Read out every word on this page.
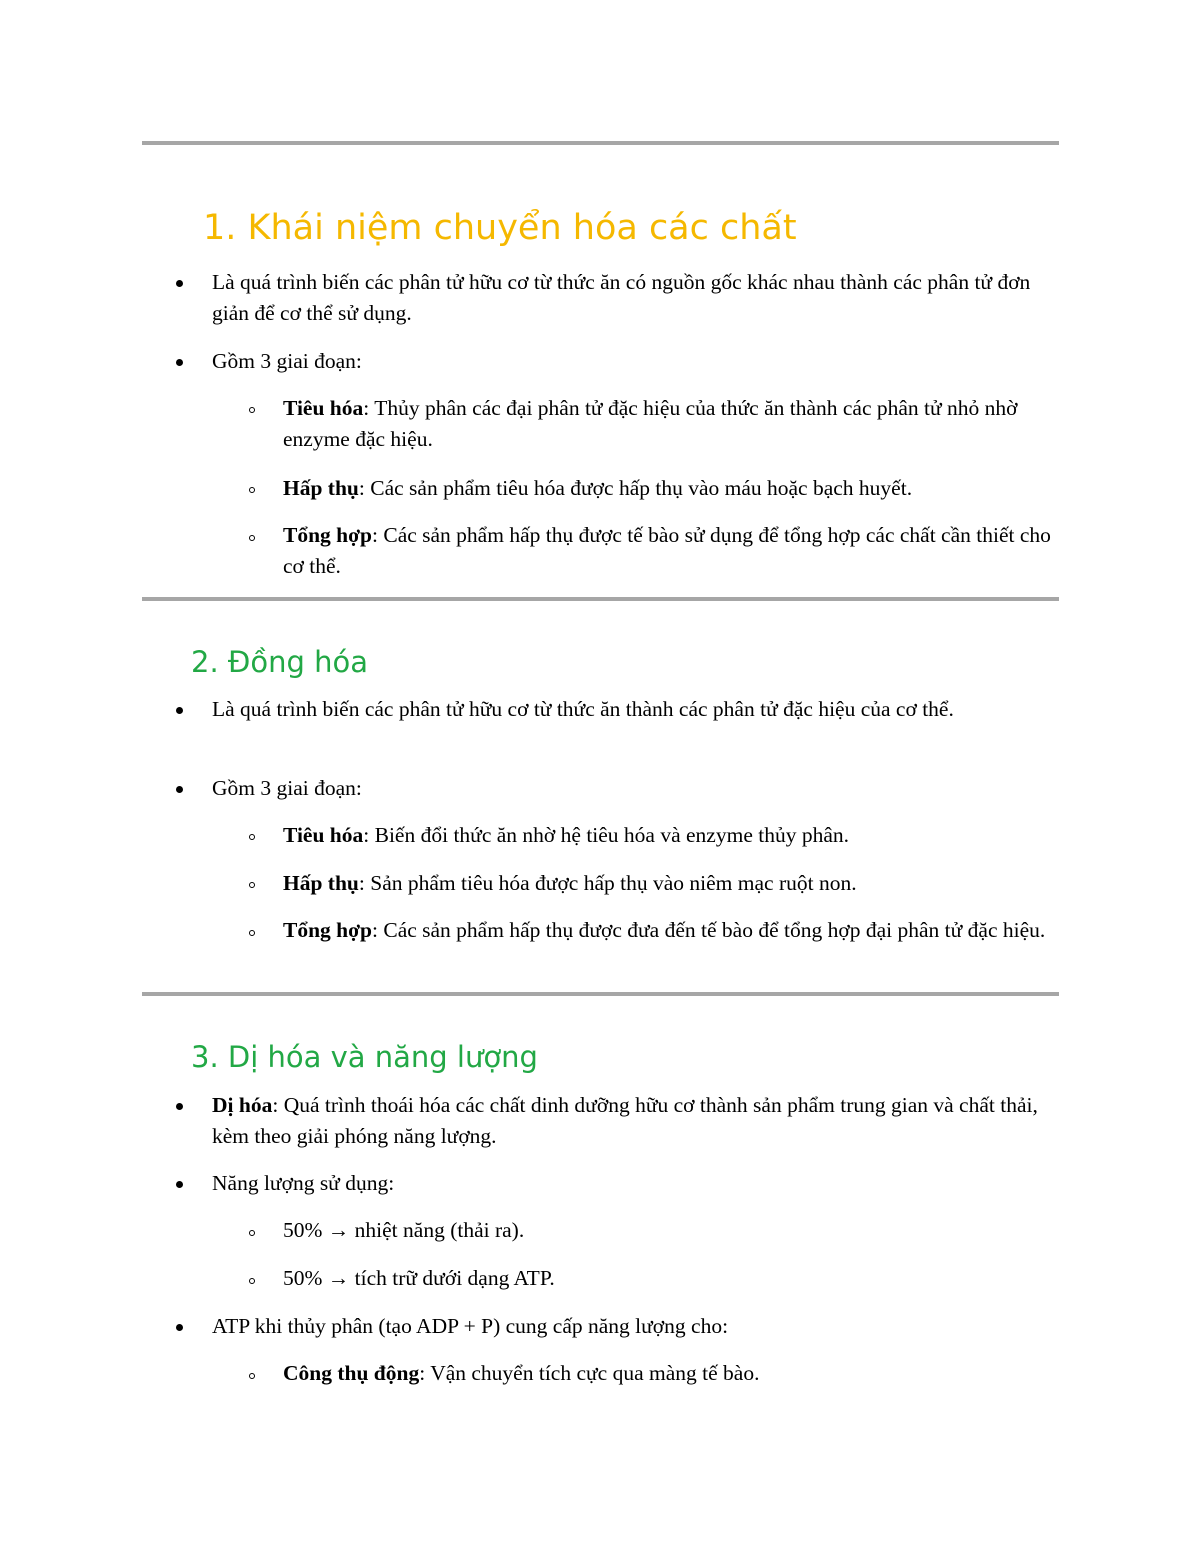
1. Khái niệm chuyển hóa các chất
Là quá trình biến các phân tử hữu cơ từ thức ăn có nguồn gốc khác nhau thành các phân tử đơn giản để cơ thể sử dụng.
Gồm 3 giai đoạn:
Tiêu hóa: Thủy phân các đại phân tử đặc hiệu của thức ăn thành các phân tử nhỏ nhờ enzyme đặc hiệu.
Hấp thụ: Các sản phẩm tiêu hóa được hấp thụ vào máu hoặc bạch huyết.
Tổng hợp: Các sản phẩm hấp thụ được tế bào sử dụng để tổng hợp các chất cần thiết cho cơ thể.
2. Đồng hóa
Là quá trình biến các phân tử hữu cơ từ thức ăn thành các phân tử đặc hiệu của cơ thể.
Gồm 3 giai đoạn:
Tiêu hóa: Biến đổi thức ăn nhờ hệ tiêu hóa và enzyme thủy phân.
Hấp thụ: Sản phẩm tiêu hóa được hấp thụ vào niêm mạc ruột non.
Tổng hợp: Các sản phẩm hấp thụ được đưa đến tế bào để tổng hợp đại phân tử đặc hiệu.
3. Dị hóa và năng lượng
Dị hóa: Quá trình thoái hóa các chất dinh dưỡng hữu cơ thành sản phẩm trung gian và chất thải, kèm theo giải phóng năng lượng.
Năng lượng sử dụng:
50% → nhiệt năng (thải ra).
50% → tích trữ dưới dạng ATP.
ATP khi thủy phân (tạo ADP + P) cung cấp năng lượng cho:
Công thụ động: Vận chuyển tích cực qua màng tế bào.
